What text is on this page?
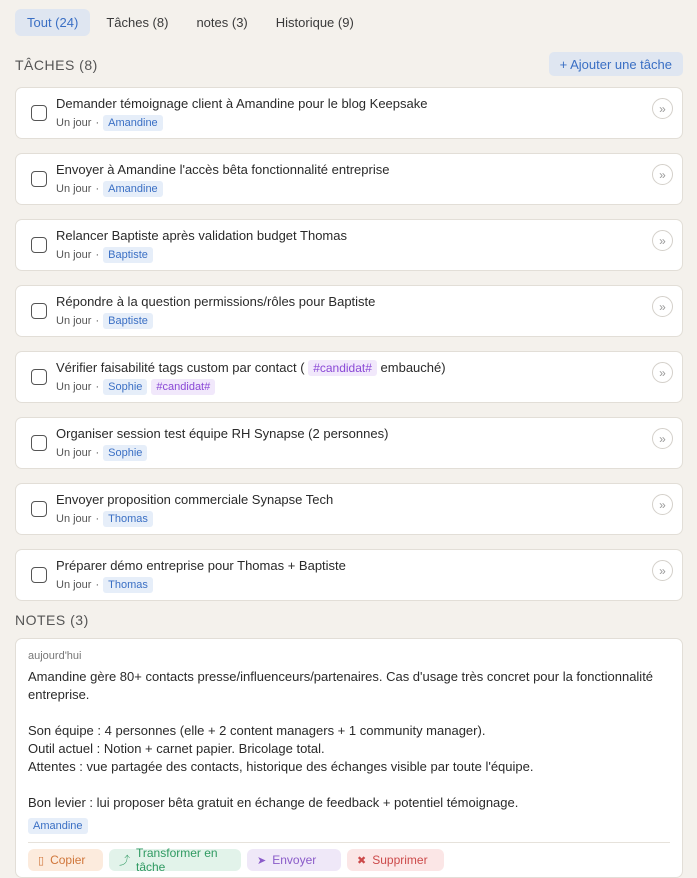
Tout (24)	Tâches (8)	notes (3)	Historique (9)
TÂCHES (8)	+ Ajouter une tâche
Demander témoignage client à Amandine pour le blog Keepsake
Un jour · Amandine
»
Envoyer à Amandine l'accès bêta fonctionnalité entreprise
Un jour · Amandine
»
Relancer Baptiste après validation budget Thomas
Un jour · Baptiste
»
Répondre à la question permissions/rôles pour Baptiste
Un jour · Baptiste
»
Vérifier faisabilité tags custom par contact ( #candidat# embauché)
Un jour · Sophie	#candidat#
»
Organiser session test équipe RH Synapse (2 personnes)
Un jour · Sophie
»
Envoyer proposition commerciale Synapse Tech
Un jour · Thomas
»
Préparer démo entreprise pour Thomas + Baptiste
Un jour · Thomas
»
NOTES (3)
aujourd'hui

Amandine gère 80+ contacts presse/influenceurs/partenaires. Cas d'usage très concret pour la fonctionnalité entreprise.

Son équipe : 4 personnes (elle + 2 content managers + 1 community manager).

Outil actuel : Notion + carnet papier. Bricolage total.

Attentes : vue partagée des contacts, historique des échanges visible par toute l'équipe.

Bon levier : lui proposer bêta gratuit en échange de feedback + potentiel témoignage.

Amandine
▯ Copier	⤴
Transformer en tâche	➤ Envoyer	✖ Supprimer
